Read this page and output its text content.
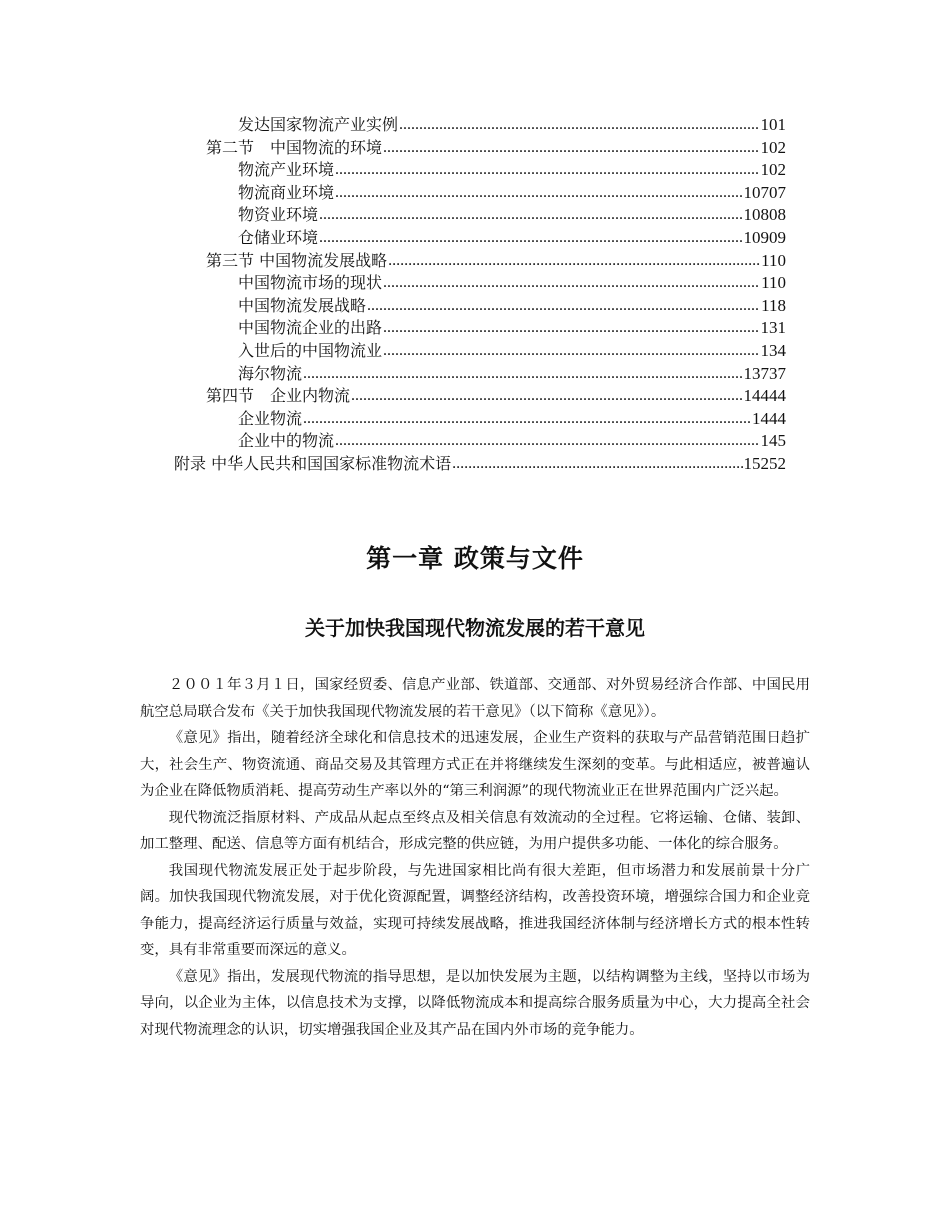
发达国家物流产业实例 .....	101
第二节　中国物流的环境 .....	102
物流产业环境 .....	102
物流商业环境 .....	10707
物资业环境 .....	10808
仓储业环境 .....	10909
第三节 中国物流发展战略 .....	110
中国物流市场的现状 .....	110
中国物流发展战略 .....	118
中国物流企业的出路 .....	131
入世后的中国物流业 .....	134
海尔物流 .....	13737
第四节　企业内物流 .....	14444
企业物流 .....	1444
企业中的物流 .....	145
附录 中华人民共和国国家标准物流术语 .....	15252
第一章 政策与文件
关于加快我国现代物流发展的若干意见

２００１年３月１日，国家经贸委、信息产业部、铁道部、交通部、对外贸易经济合作部、中国民用航空总局联合发布《关于加快我国现代物流发展的若干意见》（以下简称《意见》）。

《意见》指出，随着经济全球化和信息技术的迅速发展，企业生产资料的获取与产品营销范围日趋扩大，社会生产、物资流通、商品交易及其管理方式正在并将继续发生深刻的变革。与此相适应，被普遍认为企业在降低物质消耗、提高劳动生产率以外的“第三利润源”的现代物流业正在世界范围内广泛兴起。

现代物流泛指原材料、产成品从起点至终点及相关信息有效流动的全过程。它将运输、仓储、装卸、加工整理、配送、信息等方面有机结合，形成完整的供应链，为用户提供多功能、一体化的综合服务。

我国现代物流发展正处于起步阶段，与先进国家相比尚有很大差距，但市场潜力和发展前景十分广阔。加快我国现代物流发展，对于优化资源配置，调整经济结构，改善投资环境，增强综合国力和企业竞争能力，提高经济运行质量与效益，实现可持续发展战略，推进我国经济体制与经济增长方式的根本性转变，具有非常重要而深远的意义。

《意见》指出，发展现代物流的指导思想，是以加快发展为主题，以结构调整为主线，坚持以市场为导向，以企业为主体，以信息技术为支撑，以降低物流成本和提高综合服务质量为中心，大力提高全社会对现代物流理念的认识，切实增强我国企业及其产品在国内外市场的竞争能力。
